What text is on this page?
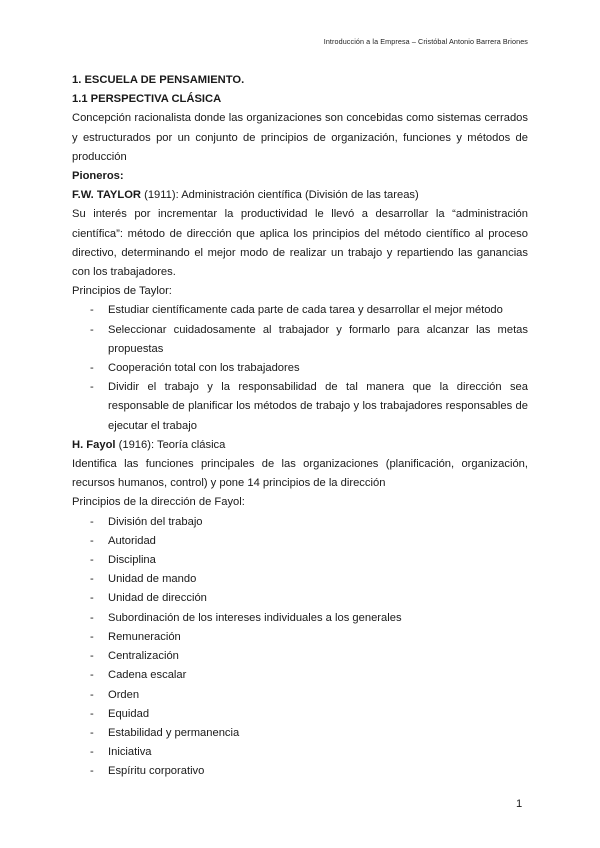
Introducción a la Empresa – Cristóbal Antonio Barrera Briones

1. ESCUELA DE PENSAMIENTO.

1.1 PERSPECTIVA CLÁSICA

Concepción racionalista donde las organizaciones son concebidas como sistemas cerrados y estructurados por un conjunto de principios de organización, funciones y métodos de producción

Pioneros:

F.W. TAYLOR (1911): Administración científica (División de las tareas)

Su interés por incrementar la productividad le llevó a desarrollar la “administración científica”: método de dirección que aplica los principios del método científico al proceso directivo, determinando el mejor modo de realizar un trabajo y repartiendo las ganancias con los trabajadores.

Principios de Taylor:

- Estudiar científicamente cada parte de cada tarea y desarrollar el mejor método
- Seleccionar cuidadosamente al trabajador y formarlo para alcanzar las metas propuestas
- Cooperación total con los trabajadores
- Dividir el trabajo y la responsabilidad de tal manera que la dirección sea responsable de planificar los métodos de trabajo y los trabajadores responsables de ejecutar el trabajo

H. Fayol (1916): Teoría clásica

Identifica las funciones principales de las organizaciones (planificación, organización, recursos humanos, control) y pone 14 principios de la dirección

Principios de la dirección de Fayol:

- División del trabajo
- Autoridad
- Disciplina
- Unidad de mando
- Unidad de dirección
- Subordinación de los intereses individuales a los generales
- Remuneración
- Centralización
- Cadena escalar
- Orden
- Equidad
- Estabilidad y permanencia
- Iniciativa
- Espíritu corporativo
1
